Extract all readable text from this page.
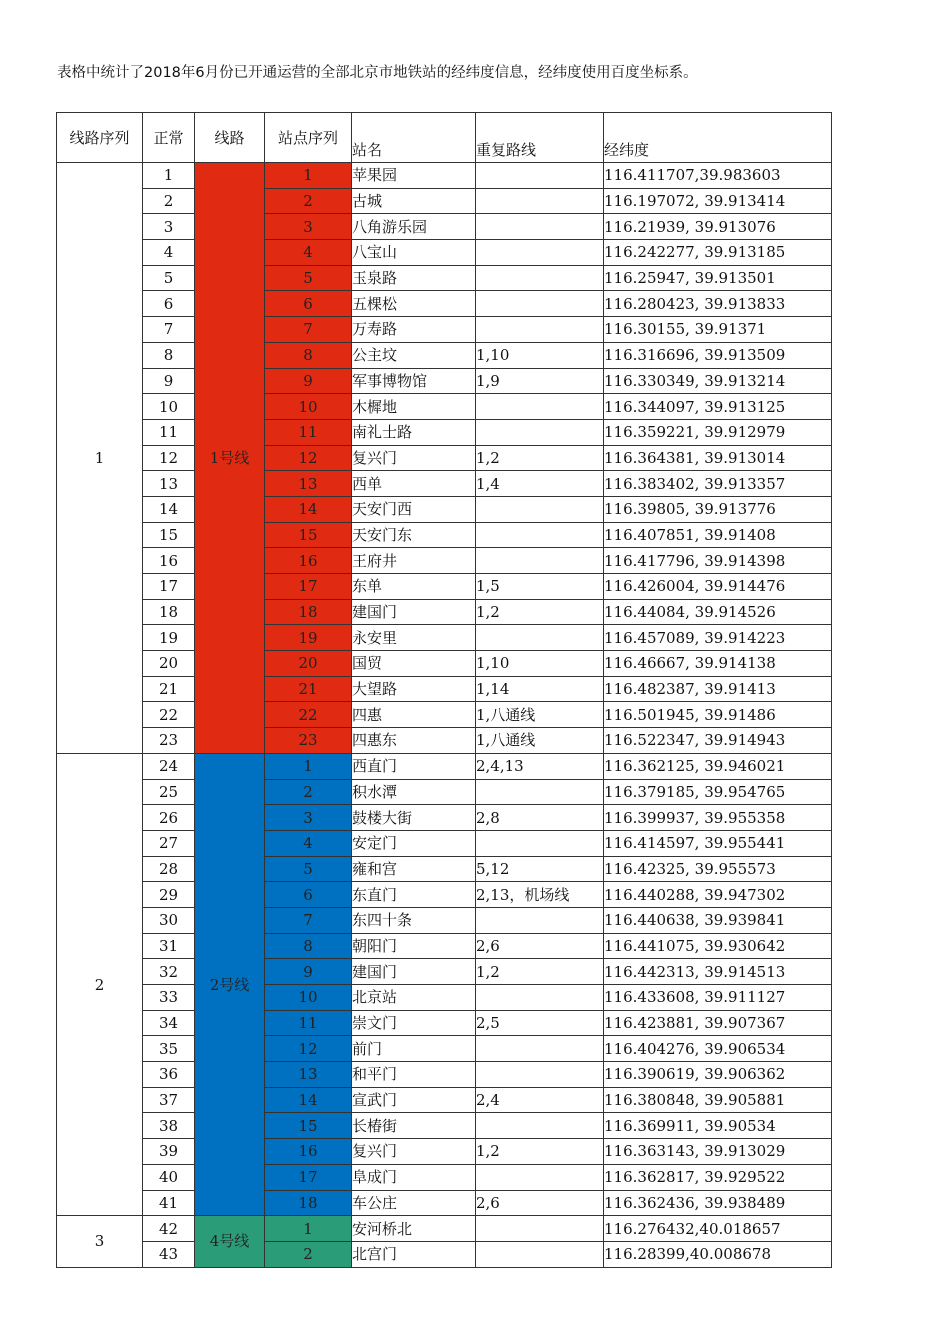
表格中统计了2018年6月份已开通运营的全部北京市地铁站的经纬度信息，经纬度使用百度坐标系。
线路序列	正常	线路	站点序列	站名	重复路线	经纬度
1	1	1号线	1	苹果园		116.411707,39.983603
	2		2	古城		116.197072, 39.913414
	3		3	八角游乐园		116.21939, 39.913076
	4		4	八宝山		116.242277, 39.913185
	5		5	玉泉路		116.25947, 39.913501
	6		6	五棵松		116.280423, 39.913833
	7		7	万寿路		116.30155, 39.91371
	8		8	公主坟	1,10	116.316696, 39.913509
	9		9	军事博物馆	1,9	116.330349, 39.913214
	10		10	木樨地		116.344097, 39.913125
	11		11	南礼士路		116.359221, 39.912979
	12		12	复兴门	1,2	116.364381, 39.913014
	13		13	西单	1,4	116.383402, 39.913357
	14		14	天安门西		116.39805, 39.913776
	15		15	天安门东		116.407851, 39.91408
	16		16	王府井		116.417796, 39.914398
	17		17	东单	1,5	116.426004, 39.914476
	18		18	建国门	1,2	116.44084, 39.914526
	19		19	永安里		116.457089, 39.914223
	20		20	国贸	1,10	116.46667, 39.914138
	21		21	大望路	1,14	116.482387, 39.91413
	22		22	四惠	1,八通线	116.501945, 39.91486
	23		23	四惠东	1,八通线	116.522347, 39.914943
2	24	2号线	1	西直门	2,4,13	116.362125, 39.946021
	25		2	积水潭		116.379185, 39.954765
	26		3	鼓楼大街	2,8	116.399937, 39.955358
	27		4	安定门		116.414597, 39.955441
	28		5	雍和宫	5,12	116.42325, 39.955573
	29		6	东直门	2,13，机场线	116.440288, 39.947302
	30		7	东四十条		116.440638, 39.939841
	31		8	朝阳门	2,6	116.441075, 39.930642
	32		9	建国门	1,2	116.442313, 39.914513
	33		10	北京站		116.433608, 39.911127
	34		11	崇文门	2,5	116.423881, 39.907367
	35		12	前门		116.404276, 39.906534
	36		13	和平门		116.390619, 39.906362
	37		14	宣武门	2,4	116.380848, 39.905881
	38		15	长椿街		116.369911, 39.90534
	39		16	复兴门	1,2	116.363143, 39.913029
	40		17	阜成门		116.362817, 39.929522
	41		18	车公庄	2,6	116.362436, 39.938489
3	42	4号线	1	安河桥北		116.276432,40.018657
	43		2	北宫门		116.28399,40.008678
